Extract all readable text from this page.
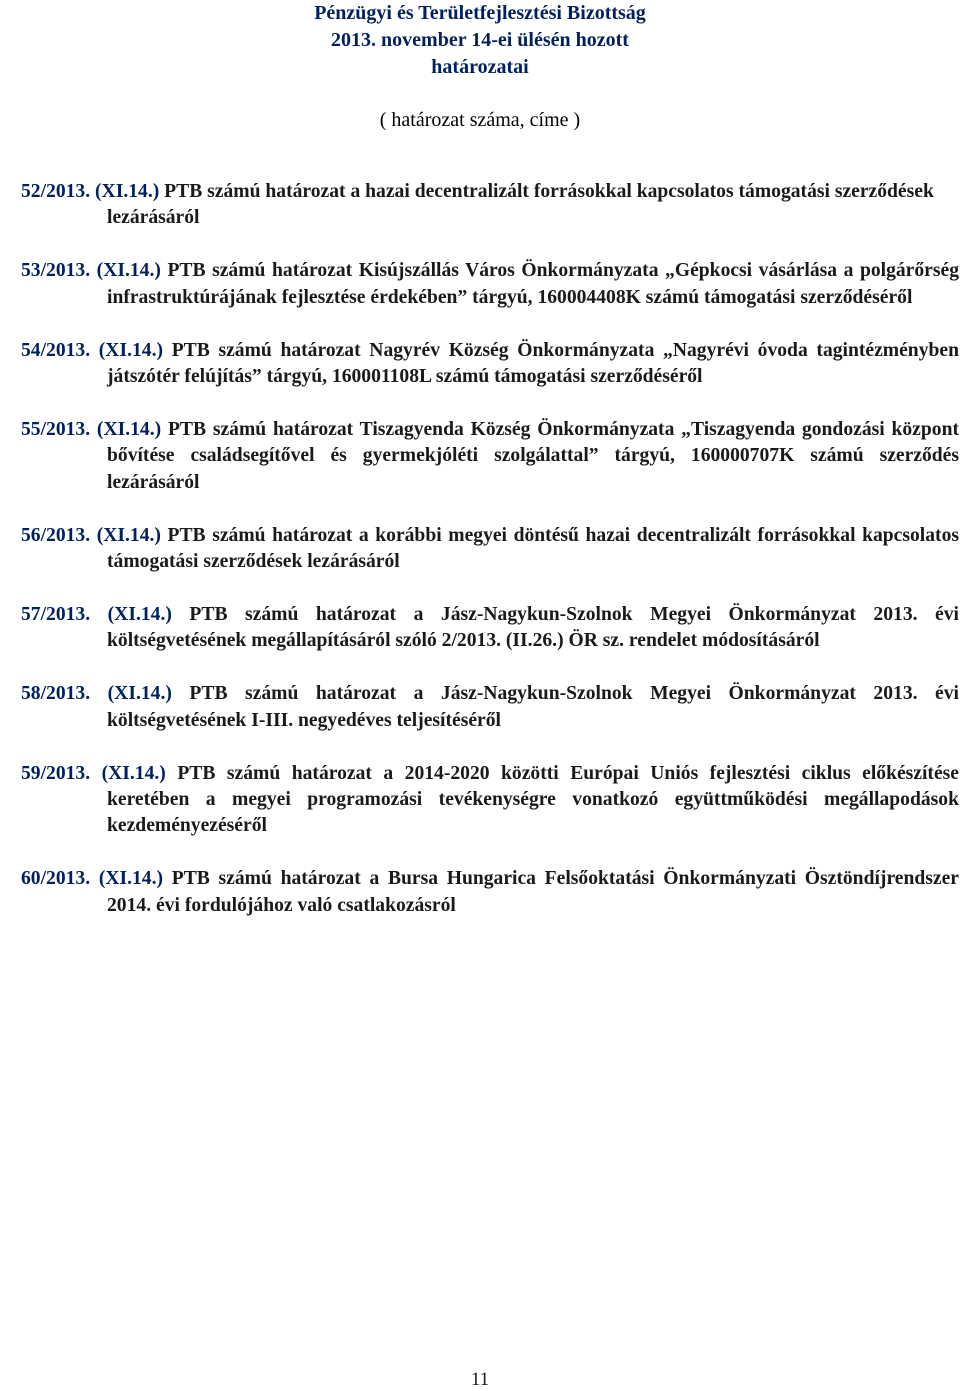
Pénzügyi és Területfejlesztési Bizottság
2013. november 14-ei ülésén hozott
határozatai
( határozat száma, címe )
52/2013. (XI.14.) PTB számú határozat a hazai decentralizált forrásokkal kapcsolatos támogatási szerződések lezárásáról
53/2013. (XI.14.) PTB számú határozat Kisújszállás Város Önkormányzata „Gépkocsi vásárlása a polgárőrség infrastruktúrájának fejlesztése érdekében” tárgyú, 160004408K számú támogatási szerződéséről
54/2013. (XI.14.) PTB számú határozat Nagyrév Község Önkormányzata „Nagyrévi óvoda tagintézményben játszótér felújítás” tárgyú, 160001108L számú támogatási szerződéséről
55/2013. (XI.14.) PTB számú határozat Tiszagyenda Község Önkormányzata „Tiszagyenda gondozási központ bővítése családsegítővel és gyermekjóléti szolgálattal” tárgyú, 160000707K számú szerződés lezárásáról
56/2013. (XI.14.) PTB számú határozat a korábbi megyei döntésű hazai decentralizált forrásokkal kapcsolatos támogatási szerződések lezárásáról
57/2013. (XI.14.) PTB számú határozat a Jász-Nagykun-Szolnok Megyei Önkormányzat 2013. évi költségvetésének megállapításáról szóló 2/2013. (II.26.) ÖR sz. rendelet módosításáról
58/2013. (XI.14.) PTB számú határozat a Jász-Nagykun-Szolnok Megyei Önkormányzat 2013. évi költségvetésének I-III. negyedéves teljesítéséről
59/2013. (XI.14.) PTB számú határozat a 2014-2020 közötti Európai Uniós fejlesztési ciklus előkészítése keretében a megyei programozási tevékenységre vonatkozó együttműködési megállapodások kezdeményezéséről
60/2013. (XI.14.) PTB számú határozat a Bursa Hungarica Felsőoktatási Önkormányzati Ösztöndíjrendszer 2014. évi fordulójához való csatlakozásról
11
